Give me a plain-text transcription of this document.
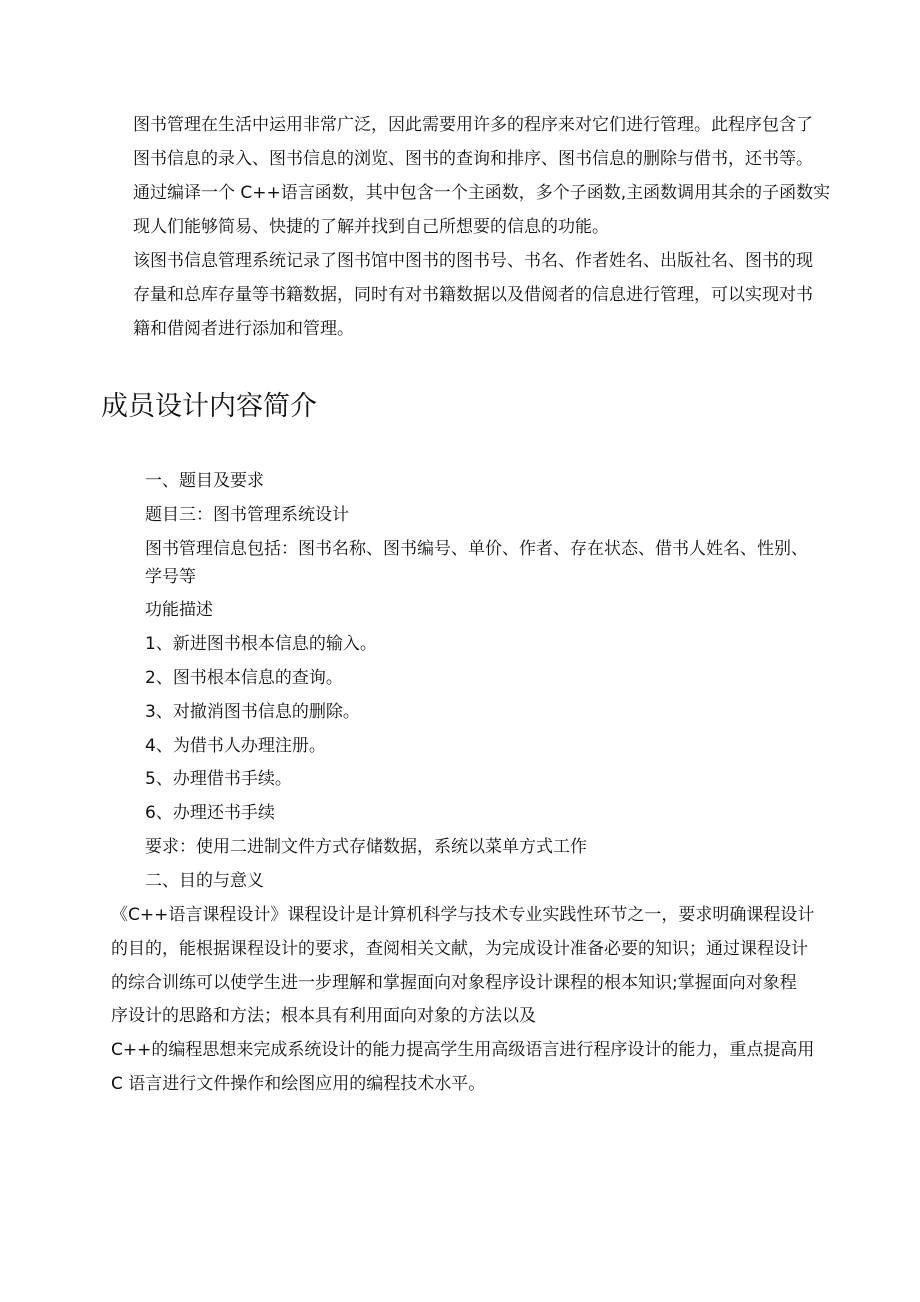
图书管理在生活中运用非常广泛，因此需要用许多的程序来对它们进行管理。此程序包含了
图书信息的录入、图书信息的浏览、图书的查询和排序、图书信息的删除与借书，还书等。
通过编译一个 C++语言函数，其中包含一个主函数，多个子函数,主函数调用其余的子函数实
现人们能够简易、快捷的了解并找到自己所想要的信息的功能。
该图书信息管理系统记录了图书馆中图书的图书号、书名、作者姓名、出版社名、图书的现
存量和总库存量等书籍数据，同时有对书籍数据以及借阅者的信息进行管理，可以实现对书
籍和借阅者进行添加和管理。
成员设计内容简介
一、题目及要求
题目三：图书管理系统设计
图书管理信息包括：图书名称、图书编号、单价、作者、存在状态、借书人姓名、性别、
学号等
功能描述
1、新进图书根本信息的输入。
2、图书根本信息的查询。
3、对撤消图书信息的删除。
4、为借书人办理注册。
5、办理借书手续。
6、办理还书手续
要求：使用二进制文件方式存储数据，系统以菜单方式工作
二、目的与意义
《C++语言课程设计》课程设计是计算机科学与技术专业实践性环节之一，要求明确课程设计
的目的，能根据课程设计的要求，查阅相关文献，为完成设计准备必要的知识；通过课程设计
的综合训练可以使学生进一步理解和掌握面向对象程序设计课程的根本知识;掌握面向对象程
序设计的思路和方法；根本具有利用面向对象的方法以及
C++的编程思想来完成系统设计的能力提高学生用高级语言进行程序设计的能力，重点提高用
C 语言进行文件操作和绘图应用的编程技术水平。
